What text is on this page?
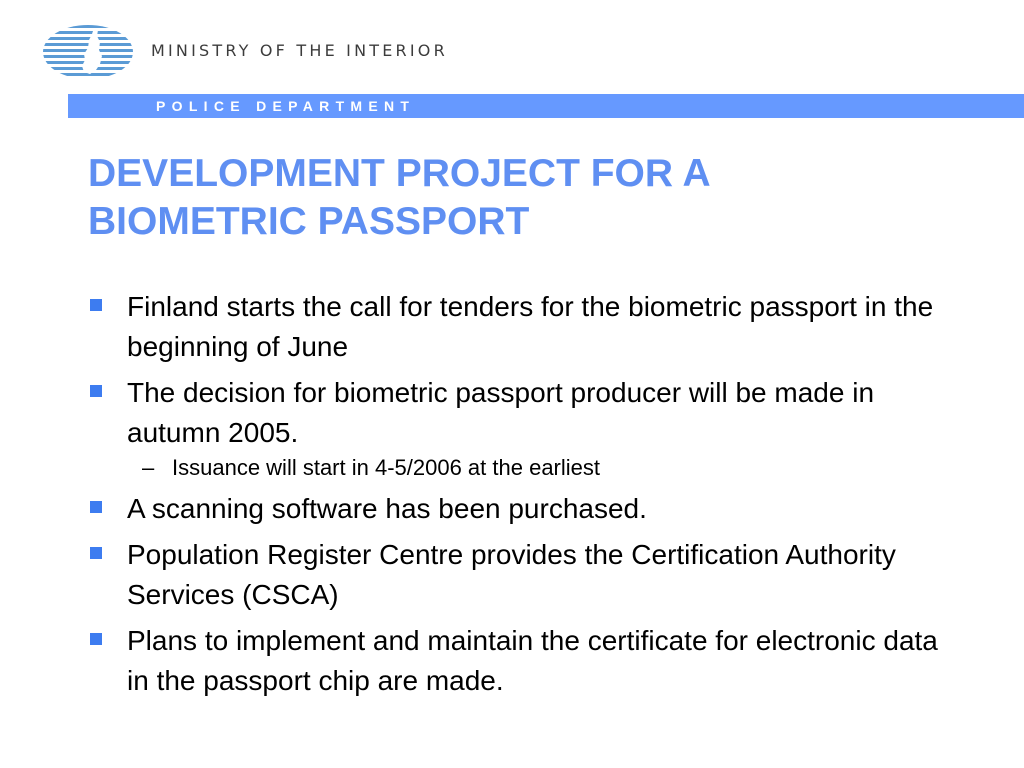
MINISTRY OF THE INTERIOR
POLICE DEPARTMENT
DEVELOPMENT PROJECT FOR A
BIOMETRIC PASSPORT
Finland starts the call for tenders for the biometric passport in the beginning of June
The decision for biometric passport producer will be made in autumn 2005.
– Issuance will start in 4-5/2006 at the earliest
A scanning software has been purchased.
Population Register Centre provides the Certification Authority Services (CSCA)
Plans to implement and maintain the certificate for electronic data in the passport chip are made.
